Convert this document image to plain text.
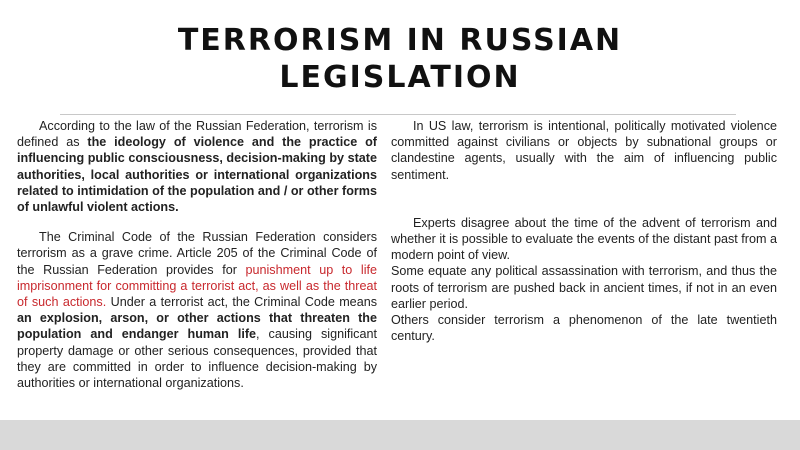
TERRORISM IN RUSSIAN
LEGISLATION

According to the law of the Russian Federation, terrorism is defined as the ideology of violence and the practice of influencing public consciousness, decision-making by state authorities, local authorities or international organizations related to intimidation of the population and / or other forms of unlawful violent actions.

The Criminal Code of the Russian Federation considers terrorism as a grave crime. Article 205 of the Criminal Code of the Russian Federation provides for punishment up to life imprisonment for committing a terrorist act, as well as the threat of such actions. Under a terrorist act, the Criminal Code means an explosion, arson, or other actions that threaten the population and endanger human life, causing significant property damage or other serious consequences, provided that they are committed in order to influence decision-making by authorities or international organizations.

In US law, terrorism is intentional, politically motivated violence committed against civilians or objects by subnational groups or clandestine agents, usually with the aim of influencing public sentiment.

Experts disagree about the time of the advent of terrorism and whether it is possible to evaluate the events of the distant past from a modern point of view.

Some equate any political assassination with terrorism, and thus the roots of terrorism are pushed back in ancient times, if not in an even earlier period.

Others consider terrorism a phenomenon of the late twentieth century.
